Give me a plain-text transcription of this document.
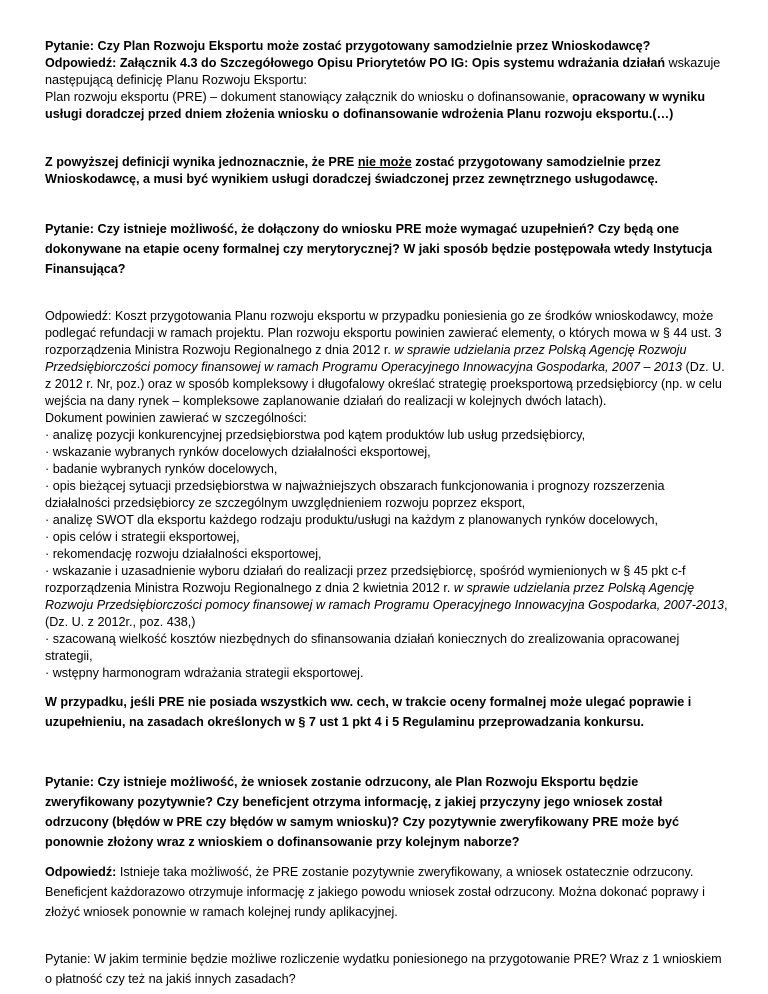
Pytanie: Czy Plan Rozwoju Eksportu może zostać przygotowany samodzielnie przez Wnioskodawcę?

Odpowiedź: Załącznik 4.3 do Szczegółowego Opisu Priorytetów PO IG: Opis systemu wdrażania działań wskazuje następującą definicję Planu Rozwoju Eksportu:

Plan rozwoju eksportu (PRE) – dokument stanowiący załącznik do wniosku o dofinansowanie, opracowany w wyniku usługi doradczej przed dniem złożenia wniosku o dofinansowanie wdrożenia Planu rozwoju eksportu.(…)

Z powyższej definicji wynika jednoznacznie, że PRE nie może zostać przygotowany samodzielnie przez Wnioskodawcę, a musi być wynikiem usługi doradczej świadczonej przez zewnętrznego usługodawcę.

Pytanie: Czy istnieje możliwość, że dołączony do wniosku PRE może wymagać uzupełnień? Czy będą one dokonywane na etapie oceny formalnej czy merytorycznej? W jaki sposób będzie postępowała wtedy Instytucja Finansująca?

Odpowiedź: Koszt przygotowania Planu rozwoju eksportu w przypadku poniesienia go ze środków wnioskodawcy, może podlegać refundacji w ramach projektu. Plan rozwoju eksportu powinien zawierać elementy, o których mowa w § 44 ust. 3 rozporządzenia Ministra Rozwoju Regionalnego z dnia 2012 r. w sprawie udzielania przez Polską Agencję Rozwoju Przedsiębiorczości pomocy finansowej w ramach Programu Operacyjnego Innowacyjna Gospodarka, 2007 – 2013 (Dz. U. z 2012 r. Nr, poz.) oraz w sposób kompleksowy i długofalowy określać strategię proeksportową przedsiębiorcy (np. w celu wejścia na dany rynek – kompleksowe zaplanowanie działań do realizacji w kolejnych dwóch latach).

Dokument powinien zawierać w szczególności:

· analizę pozycji konkurencyjnej przedsiębiorstwa pod kątem produktów lub usług przedsiębiorcy,

· wskazanie wybranych rynków docelowych działalności eksportowej,

· badanie wybranych rynków docelowych,

· opis bieżącej sytuacji przedsiębiorstwa w najważniejszych obszarach funkcjonowania i prognozy rozszerzenia działalności przedsiębiorcy ze szczególnym uwzględnieniem rozwoju poprzez eksport,

· analizę SWOT dla eksportu każdego rodzaju produktu/usługi na każdym z planowanych rynków docelowych,

· opis celów i strategii eksportowej,

· rekomendację rozwoju działalności eksportowej,

· wskazanie i uzasadnienie wyboru działań do realizacji przez przedsiębiorcę, spośród wymienionych w § 45 pkt c-f rozporządzenia Ministra Rozwoju Regionalnego z dnia 2 kwietnia 2012 r. w sprawie udzielania przez Polską Agencję Rozwoju Przedsiębiorczości pomocy finansowej w ramach Programu Operacyjnego Innowacyjna Gospodarka, 2007-2013, (Dz. U. z 2012r., poz. 438,)

· szacowaną wielkość kosztów niezbędnych do sfinansowania działań koniecznych do zrealizowania opracowanej strategii,

· wstępny harmonogram wdrażania strategii eksportowej.

W przypadku, jeśli PRE nie posiada wszystkich ww. cech, w trakcie oceny formalnej może ulegać poprawie i uzupełnieniu, na zasadach określonych w § 7 ust 1 pkt 4 i 5 Regulaminu przeprowadzania konkursu.

Pytanie: Czy istnieje możliwość, że wniosek zostanie odrzucony, ale Plan Rozwoju Eksportu będzie zweryfikowany pozytywnie? Czy beneficjent otrzyma informację, z jakiej przyczyny jego wniosek został odrzucony (błędów w PRE czy błędów w samym wniosku)? Czy pozytywnie zweryfikowany PRE może być ponownie złożony wraz z wnioskiem o dofinansowanie przy kolejnym naborze?

Odpowiedź: Istnieje taka możliwość, że PRE zostanie pozytywnie zweryfikowany, a wniosek ostatecznie odrzucony. Beneficjent każdorazowo otrzymuje informację z jakiego powodu wniosek został odrzucony. Można dokonać poprawy i złożyć wniosek ponownie w ramach kolejnej rundy aplikacyjnej.

Pytanie: W jakim terminie będzie możliwe rozliczenie wydatku poniesionego na przygotowanie PRE? Wraz z 1 wnioskiem o płatność czy też na jakiś innych zasadach?
